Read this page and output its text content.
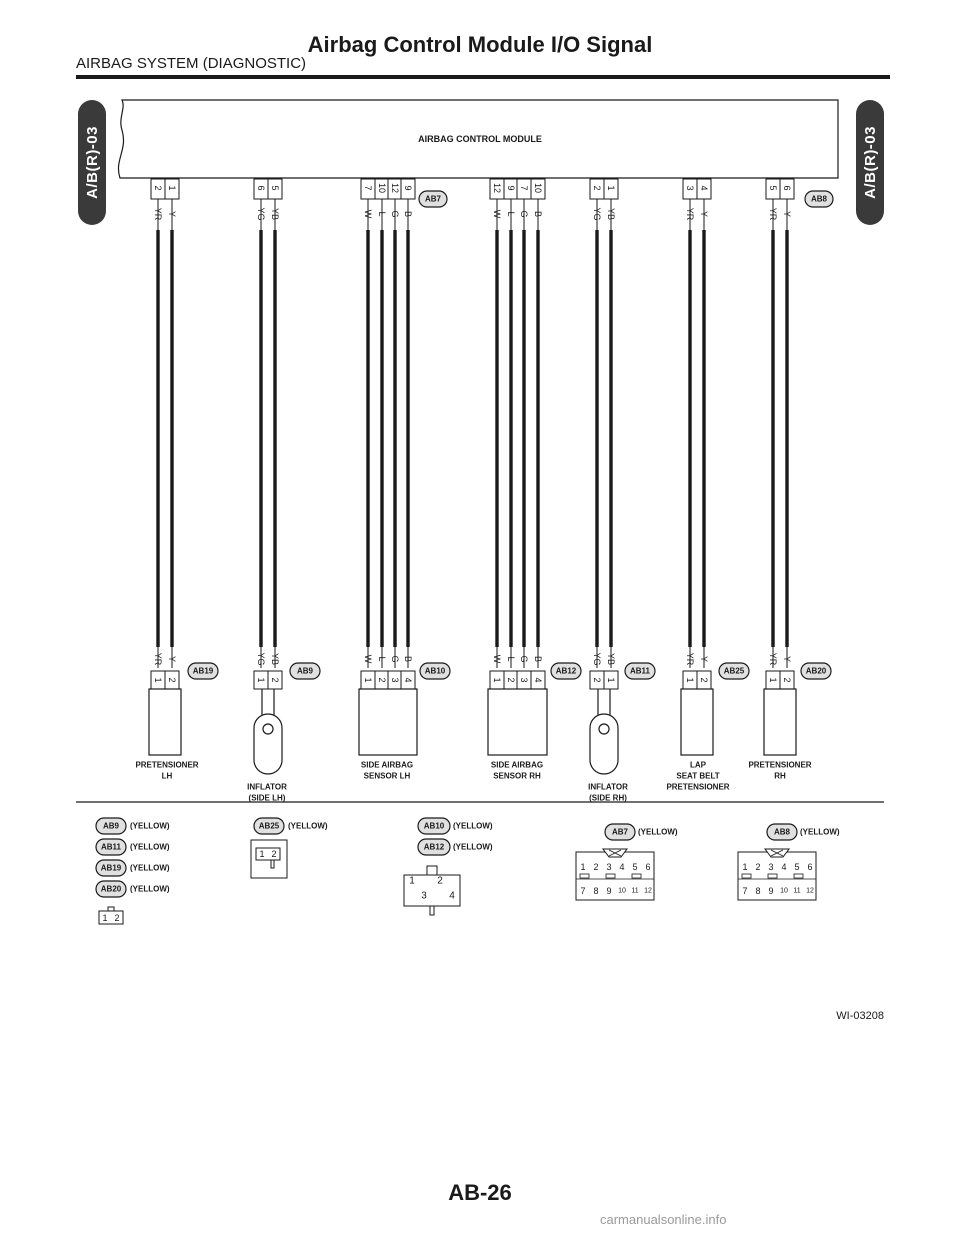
Airbag Control Module I/O Signal
AIRBAG SYSTEM (DIAGNOSTIC)
A/B(R)-03	A/B(R)-03
AIRBAG CONTROL MODULE
2
YR
1
Y
6
YG
5
YB
7
W
10
L
12
G
9
B
12
W
9
L
7
G
10
B
2
YG
1
YB
3
YR
4
Y
5
YR
6
Y
AB7	AB8
YR
1
Y
2
AB19
PRETENSIONER
LH
YG
1
YB
2
AB9
INFLATOR
(SIDE LH)
W
1
L
2
G
3
B
4
AB10
SIDE AIRBAG
SENSOR LH
W
1
L
2
G
3
B
4
AB12
SIDE AIRBAG
SENSOR RH
YG
2
YB
1
AB11
INFLATOR
(SIDE RH)
YR
1
Y
2
AB25
LAP
SEAT BELT
PRETENSIONER
YR
1
Y
2
AB20
PRETENSIONER
RH
AB9 (YELLOW)
AB11 (YELLOW)
AB19 (YELLOW)
AB20 (YELLOW)
1 2
AB25 (YELLOW)
1 2
AB10 (YELLOW)
AB12 (YELLOW)
1 2
3 4
AB7 (YELLOW)
1 2 3 4 5 6
7 8 9 10 11 12
AB8 (YELLOW)
1 2 3 4 5 6
7 8 9 10 11 12
WI-03208
AB-26
carmanualsonline.info
